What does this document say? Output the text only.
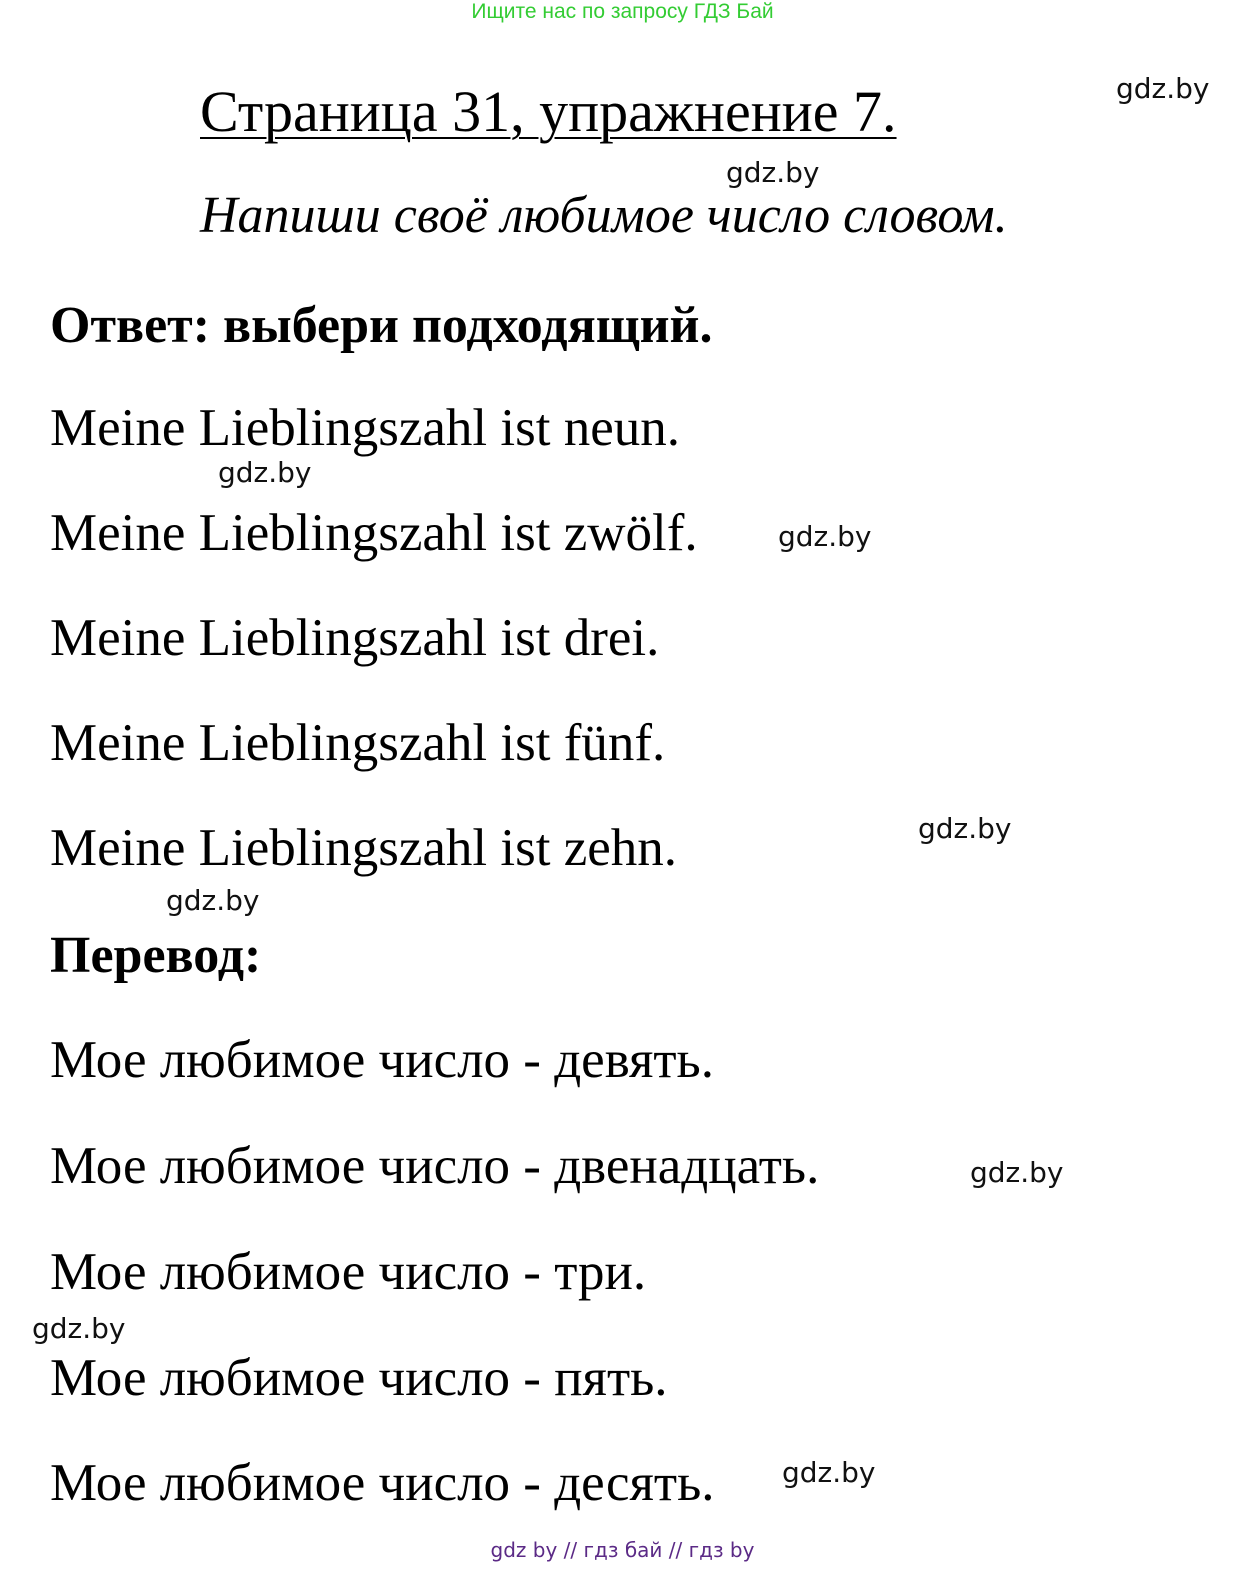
Ищите нас по запросу ГДЗ Бай
Страница 31, упражнение 7.
Напиши своё любимое число словом.
Ответ: выбери подходящий.
Meine Lieblingszahl ist neun.
Meine Lieblingszahl ist zwölf.
Meine Lieblingszahl ist drei.
Meine Lieblingszahl ist fünf.
Meine Lieblingszahl ist zehn.
Перевод:
Мое любимое число - девять.
Мое любимое число - двенадцать.
Мое любимое число - три.
Мое любимое число - пять.
Мое любимое число - десять.
gdz.by
gdz.by
gdz.by
gdz.by
gdz.by
gdz.by
gdz.by
gdz.by
gdz.by
gdz by // гдз бай // гдз by
